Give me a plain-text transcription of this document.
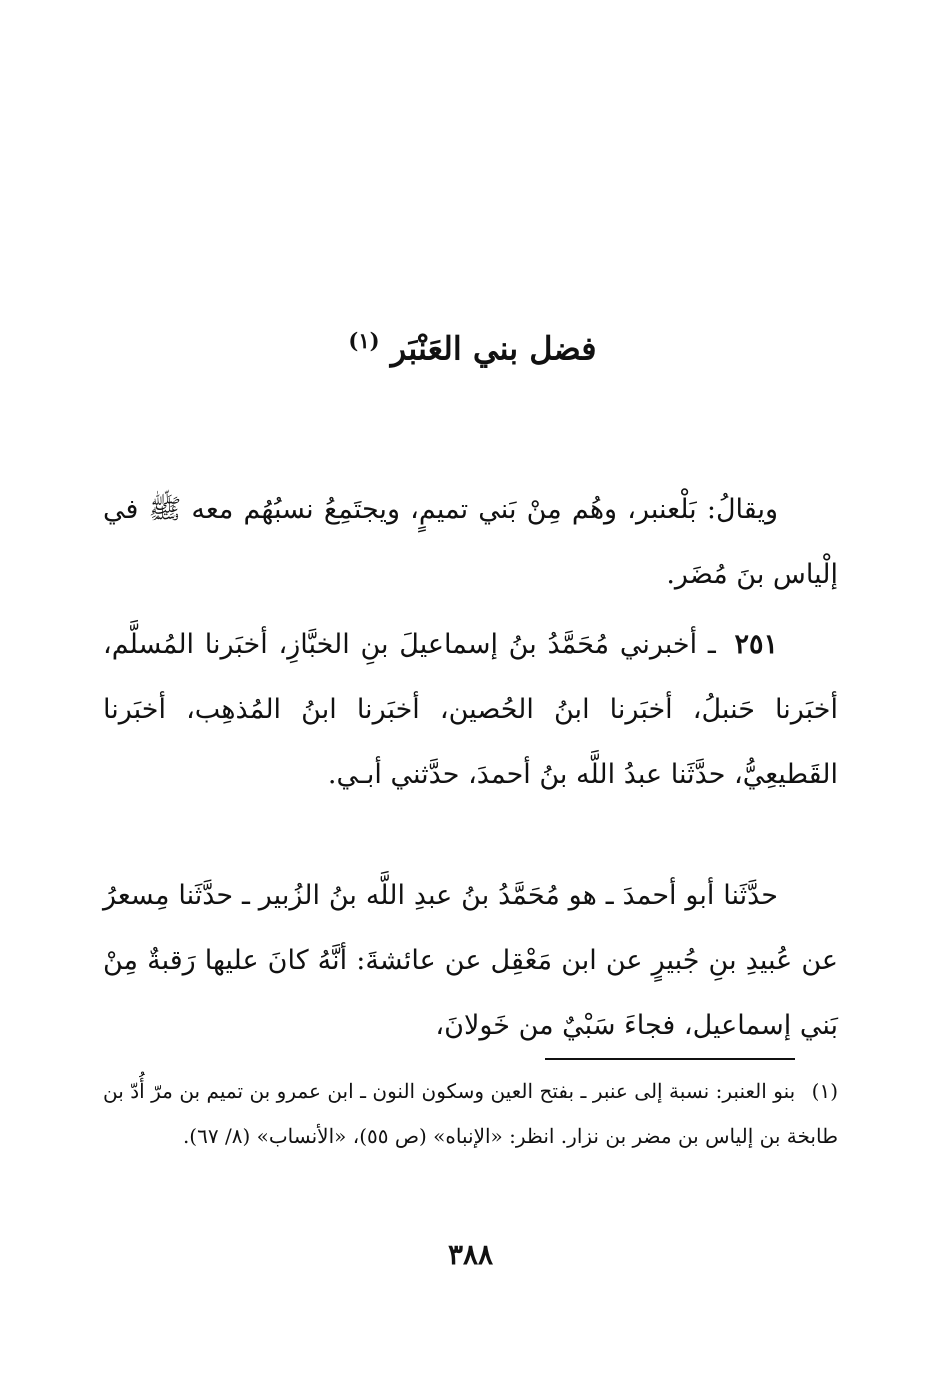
فضل بني العَنْبَر $^{(١)}$

ويقالُ: بَلْعنبر، وهُم مِنْ بَني تميمٍ، ويجتَمِعُ نسبُهُم معه ﷺ في إلْياس بنَ مُضَر.

٢٥١ ـ أخبرني مُحَمَّدُ بنُ إسماعيلَ بنِ الخبَّازِ، أخبَرنا المُسلَّم، أخبَرنا حَنبلُ، أخبَرنا ابنُ الحُصين، أخبَرنا ابنُ المُذهِب، أخبَرنا القَطيعِيُّ، حدَّثَنا عبدُ اللَّه بنُ أحمدَ، حدَّثني أبـي.

حدَّثَنا أبو أحمدَ ـ هو مُحَمَّدُ بنُ عبدِ اللَّه بنُ الزُبير ـ حدَّثَنا مِسعرُ عن عُبيدِ بنِ جُبيرٍ عن ابن مَعْقِل عن عائشةَ: أنَّهُ كانَ عليها رَقبةٌ مِنْ بَني إسماعيل، فجاءَ سَبْيٌ من خَولانَ،

(١) بنو العنبر: نسبة إلى عنبر ـ بفتح العين وسكون النون ـ ابن عمرو بن تميم بن مرّ أُدّ بن طابخة بن إلياس بن مضر بن نزار. انظر: «الإنباه» (ص ٥٥)، «الأنساب» (٨/ ٦٧).

٣٨٨
